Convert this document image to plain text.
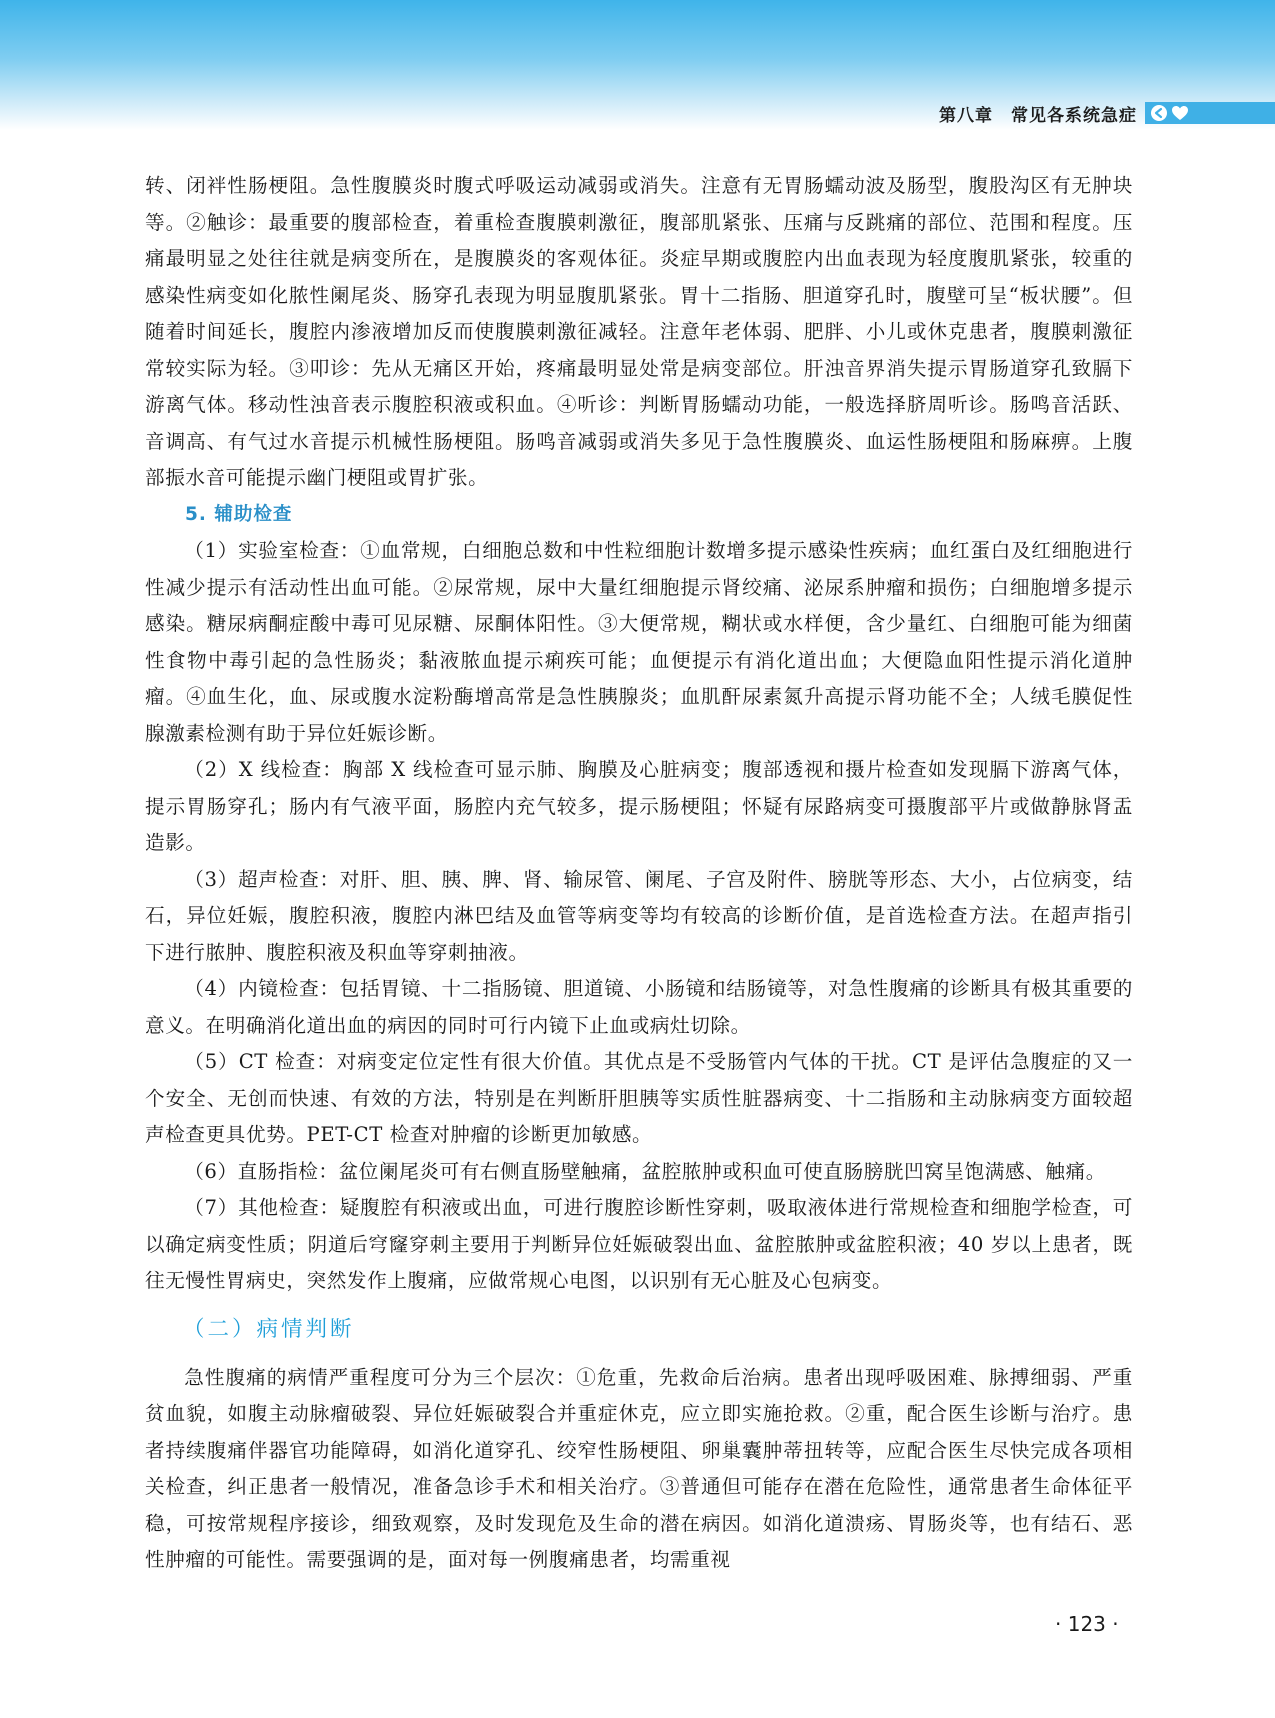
第八章　常见各系统急症

转、闭袢性肠梗阻。急性腹膜炎时腹式呼吸运动减弱或消失。注意有无胃肠蠕动波及肠型，腹股沟区有无肿块等。②触诊：最重要的腹部检查，着重检查腹膜刺激征，腹部肌紧张、压痛与反跳痛的部位、范围和程度。压痛最明显之处往往就是病变所在，是腹膜炎的客观体征。炎症早期或腹腔内出血表现为轻度腹肌紧张，较重的感染性病变如化脓性阑尾炎、肠穿孔表现为明显腹肌紧张。胃十二指肠、胆道穿孔时，腹壁可呈“板状腰”。但随着时间延长，腹腔内渗液增加反而使腹膜刺激征减轻。注意年老体弱、肥胖、小儿或休克患者，腹膜刺激征常较实际为轻。③叩诊：先从无痛区开始，疼痛最明显处常是病变部位。肝浊音界消失提示胃肠道穿孔致膈下游离气体。移动性浊音表示腹腔积液或积血。④听诊：判断胃肠蠕动功能，一般选择脐周听诊。肠鸣音活跃、音调高、有气过水音提示机械性肠梗阻。肠鸣音减弱或消失多见于急性腹膜炎、血运性肠梗阻和肠麻痹。上腹部振水音可能提示幽门梗阻或胃扩张。

5. 辅助检查

（1）实验室检查：①血常规，白细胞总数和中性粒细胞计数增多提示感染性疾病；血红蛋白及红细胞进行性减少提示有活动性出血可能。②尿常规，尿中大量红细胞提示肾绞痛、泌尿系肿瘤和损伤；白细胞增多提示感染。糖尿病酮症酸中毒可见尿糖、尿酮体阳性。③大便常规，糊状或水样便，含少量红、白细胞可能为细菌性食物中毒引起的急性肠炎；黏液脓血提示痢疾可能；血便提示有消化道出血；大便隐血阳性提示消化道肿瘤。④血生化，血、尿或腹水淀粉酶增高常是急性胰腺炎；血肌酐尿素氮升高提示肾功能不全；人绒毛膜促性腺激素检测有助于异位妊娠诊断。

（2）X 线检查：胸部 X 线检查可显示肺、胸膜及心脏病变；腹部透视和摄片检查如发现膈下游离气体，提示胃肠穿孔；肠内有气液平面，肠腔内充气较多，提示肠梗阻；怀疑有尿路病变可摄腹部平片或做静脉肾盂造影。

（3）超声检查：对肝、胆、胰、脾、肾、输尿管、阑尾、子宫及附件、膀胱等形态、大小，占位病变，结石，异位妊娠，腹腔积液，腹腔内淋巴结及血管等病变等均有较高的诊断价值，是首选检查方法。在超声指引下进行脓肿、腹腔积液及积血等穿刺抽液。

（4）内镜检查：包括胃镜、十二指肠镜、胆道镜、小肠镜和结肠镜等，对急性腹痛的诊断具有极其重要的意义。在明确消化道出血的病因的同时可行内镜下止血或病灶切除。

（5）CT 检查：对病变定位定性有很大价值。其优点是不受肠管内气体的干扰。CT 是评估急腹症的又一个安全、无创而快速、有效的方法，特别是在判断肝胆胰等实质性脏器病变、十二指肠和主动脉病变方面较超声检查更具优势。PET-CT 检查对肿瘤的诊断更加敏感。

（6）直肠指检：盆位阑尾炎可有右侧直肠壁触痛，盆腔脓肿或积血可使直肠膀胱凹窝呈饱满感、触痛。

（7）其他检查：疑腹腔有积液或出血，可进行腹腔诊断性穿刺，吸取液体进行常规检查和细胞学检查，可以确定病变性质；阴道后穹窿穿刺主要用于判断异位妊娠破裂出血、盆腔脓肿或盆腔积液；40 岁以上患者，既往无慢性胃病史，突然发作上腹痛，应做常规心电图，以识别有无心脏及心包病变。

（二）病情判断

急性腹痛的病情严重程度可分为三个层次：①危重，先救命后治病。患者出现呼吸困难、脉搏细弱、严重贫血貌，如腹主动脉瘤破裂、异位妊娠破裂合并重症休克，应立即实施抢救。②重，配合医生诊断与治疗。患者持续腹痛伴器官功能障碍，如消化道穿孔、绞窄性肠梗阻、卵巢囊肿蒂扭转等，应配合医生尽快完成各项相关检查，纠正患者一般情况，准备急诊手术和相关治疗。③普通但可能存在潜在危险性，通常患者生命体征平稳，可按常规程序接诊，细致观察，及时发现危及生命的潜在病因。如消化道溃疡、胃肠炎等，也有结石、恶性肿瘤的可能性。需要强调的是，面对每一例腹痛患者，均需重视

· 123 ·
